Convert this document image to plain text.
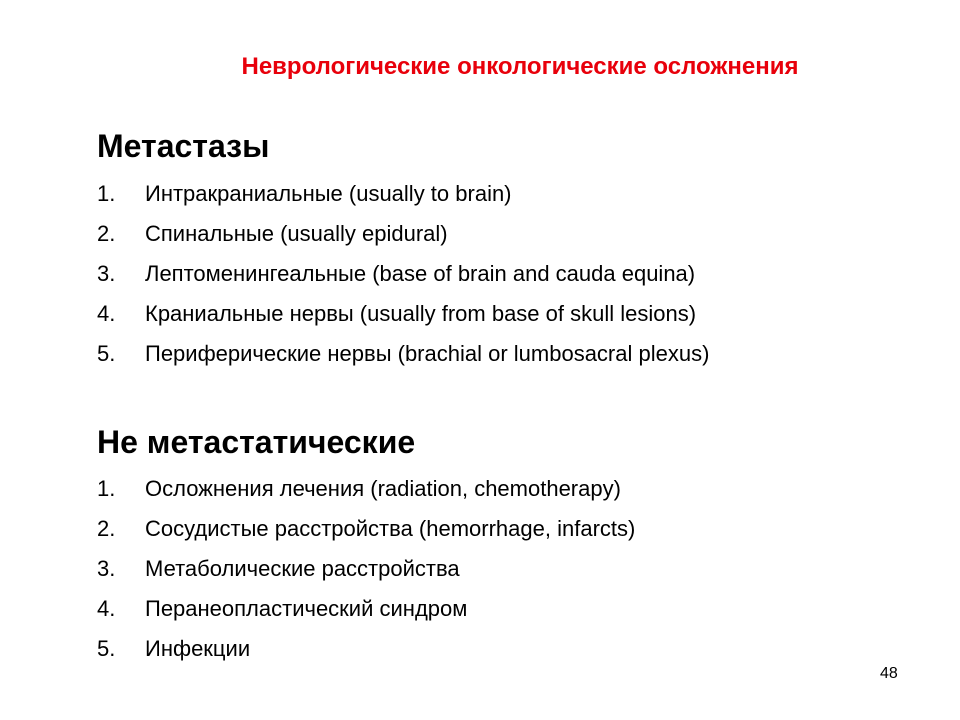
Неврологические онкологические осложнения
Метастазы
1. Интракраниальные (usually to brain)
2. Спинальные (usually epidural)
3. Лептоменингеальные (base of brain and cauda equina)
4. Краниальные нервы (usually from base of skull lesions)
5. Периферические нервы (brachial or lumbosacral plexus)
Не метастатические
1. Осложнения лечения (radiation, chemotherapy)
2. Сосудистые расстройства (hemorrhage, infarcts)
3. Метаболические расстройства
4. Перанеопластический синдром
5. Инфекции
48
